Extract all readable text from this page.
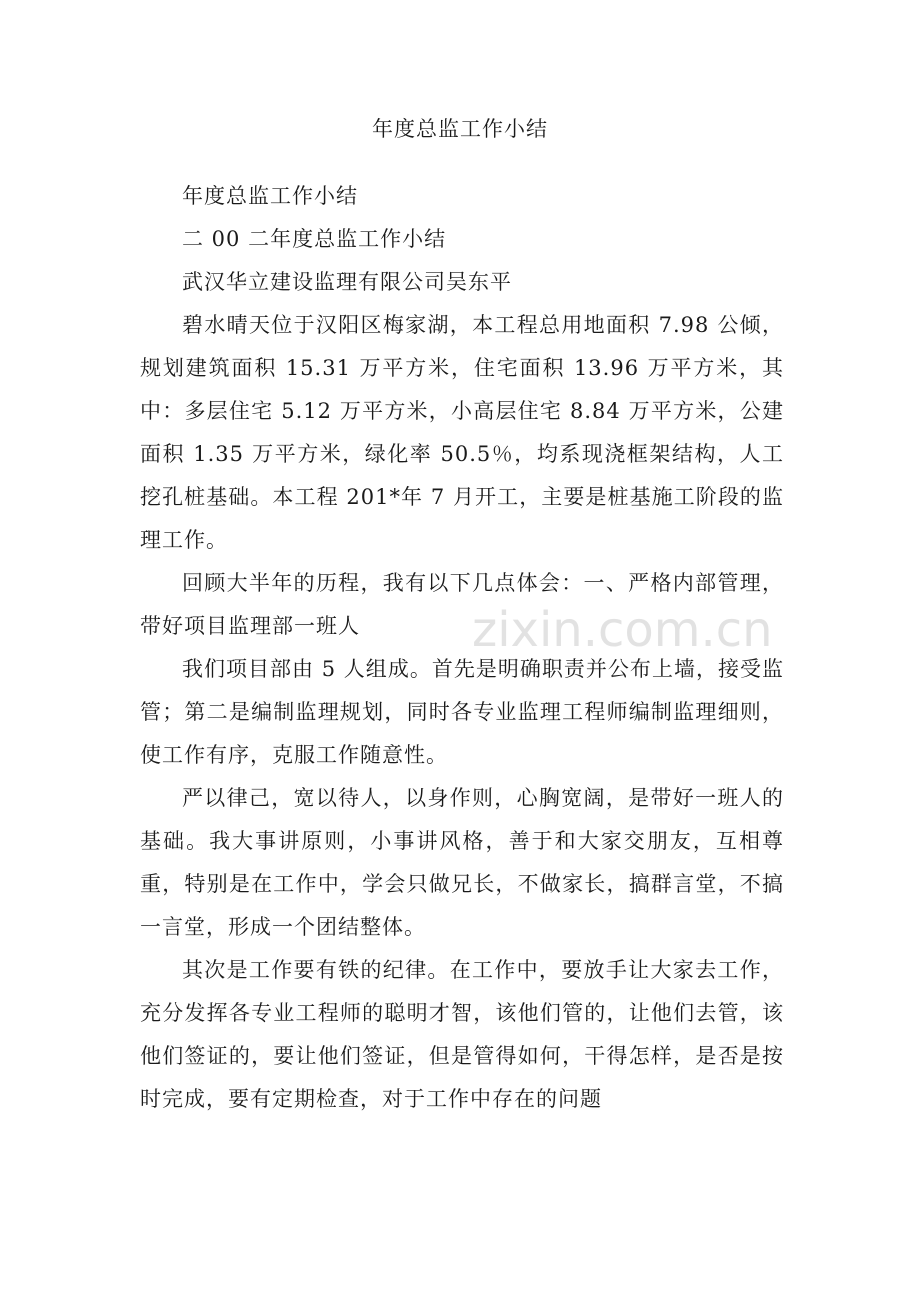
年度总监工作小结

年度总监工作小结

二 00 二年度总监工作小结

武汉华立建设监理有限公司吴东平

碧水晴天位于汉阳区梅家湖，本工程总用地面积 7.98 公倾，规划建筑面积 15.31 万平方米，住宅面积 13.96 万平方米，其中：多层住宅 5.12 万平方米，小高层住宅 8.84 万平方米，公建面积 1.35 万平方米，绿化率 50.5％，均系现浇框架结构，人工挖孔桩基础。本工程 201*年 7 月开工，主要是桩基施工阶段的监理工作。

回顾大半年的历程，我有以下几点体会：一、严格内部管理，带好项目监理部一班人

我们项目部由 5 人组成。首先是明确职责并公布上墙，接受监管；第二是编制监理规划，同时各专业监理工程师编制监理细则，使工作有序，克服工作随意性。

严以律己，宽以待人，以身作则，心胸宽阔，是带好一班人的基础。我大事讲原则，小事讲风格，善于和大家交朋友，互相尊重，特别是在工作中，学会只做兄长，不做家长，搞群言堂，不搞一言堂，形成一个团结整体。

其次是工作要有铁的纪律。在工作中，要放手让大家去工作，充分发挥各专业工程师的聪明才智，该他们管的，让他们去管，该他们签证的，要让他们签证，但是管得如何，干得怎样，是否是按时完成，要有定期检查，对于工作中存在的问题

zixin.com.cn
